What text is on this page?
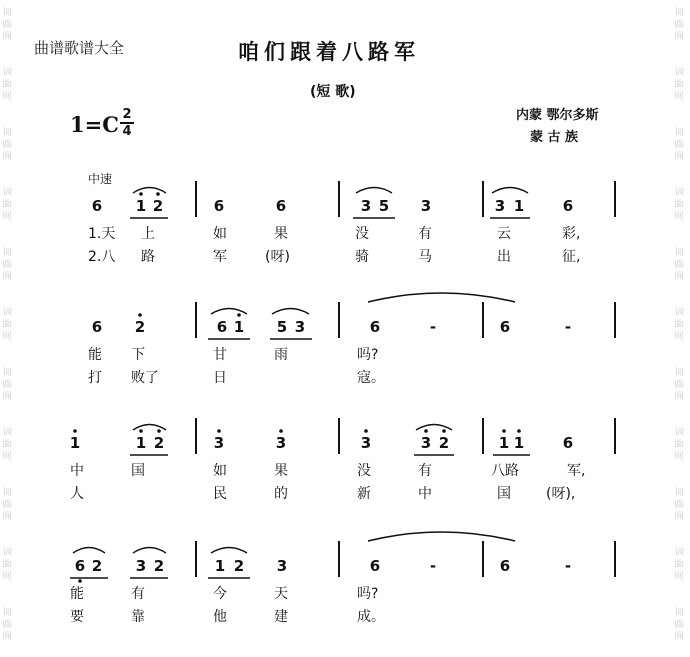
词
曲
网
词
曲
网
词
曲
网
词
曲
网
词
曲
网
词
曲
网
词
曲
网
词
曲
网
词
曲
网
词
曲
网
词
曲
网
词
曲
网
词
曲
网
词
曲
网
词
曲
网
词
曲
网
词
曲
网
词
曲
网
词
曲
网
词
曲
网
词
曲
网
词
曲
网
曲谱歌谱大全	咱们跟着八路军
(短 歌)
1=C 2
4
内蒙 鄂尔多斯
蒙 古 族
中速
6	1 2	6	6	3 5	3	3 1	6
1.天 上	如	果	没	有	云	彩,
2.八 路	军	(呀)	骑	马	出	征,
6	2	6 1	5 3	6	-	6	-
能 下	甘	雨	吗?
打 败了	日	寇。
1	1 2	3	3	3	3 2	1 1	6
中	国	如	果	没	有	八路	军,
人	民	的	新	中	国	(呀),
6 2	3 2	1 2	3	6	-	6	-
能	有	今	天	吗?
要	靠	他	建	成。
